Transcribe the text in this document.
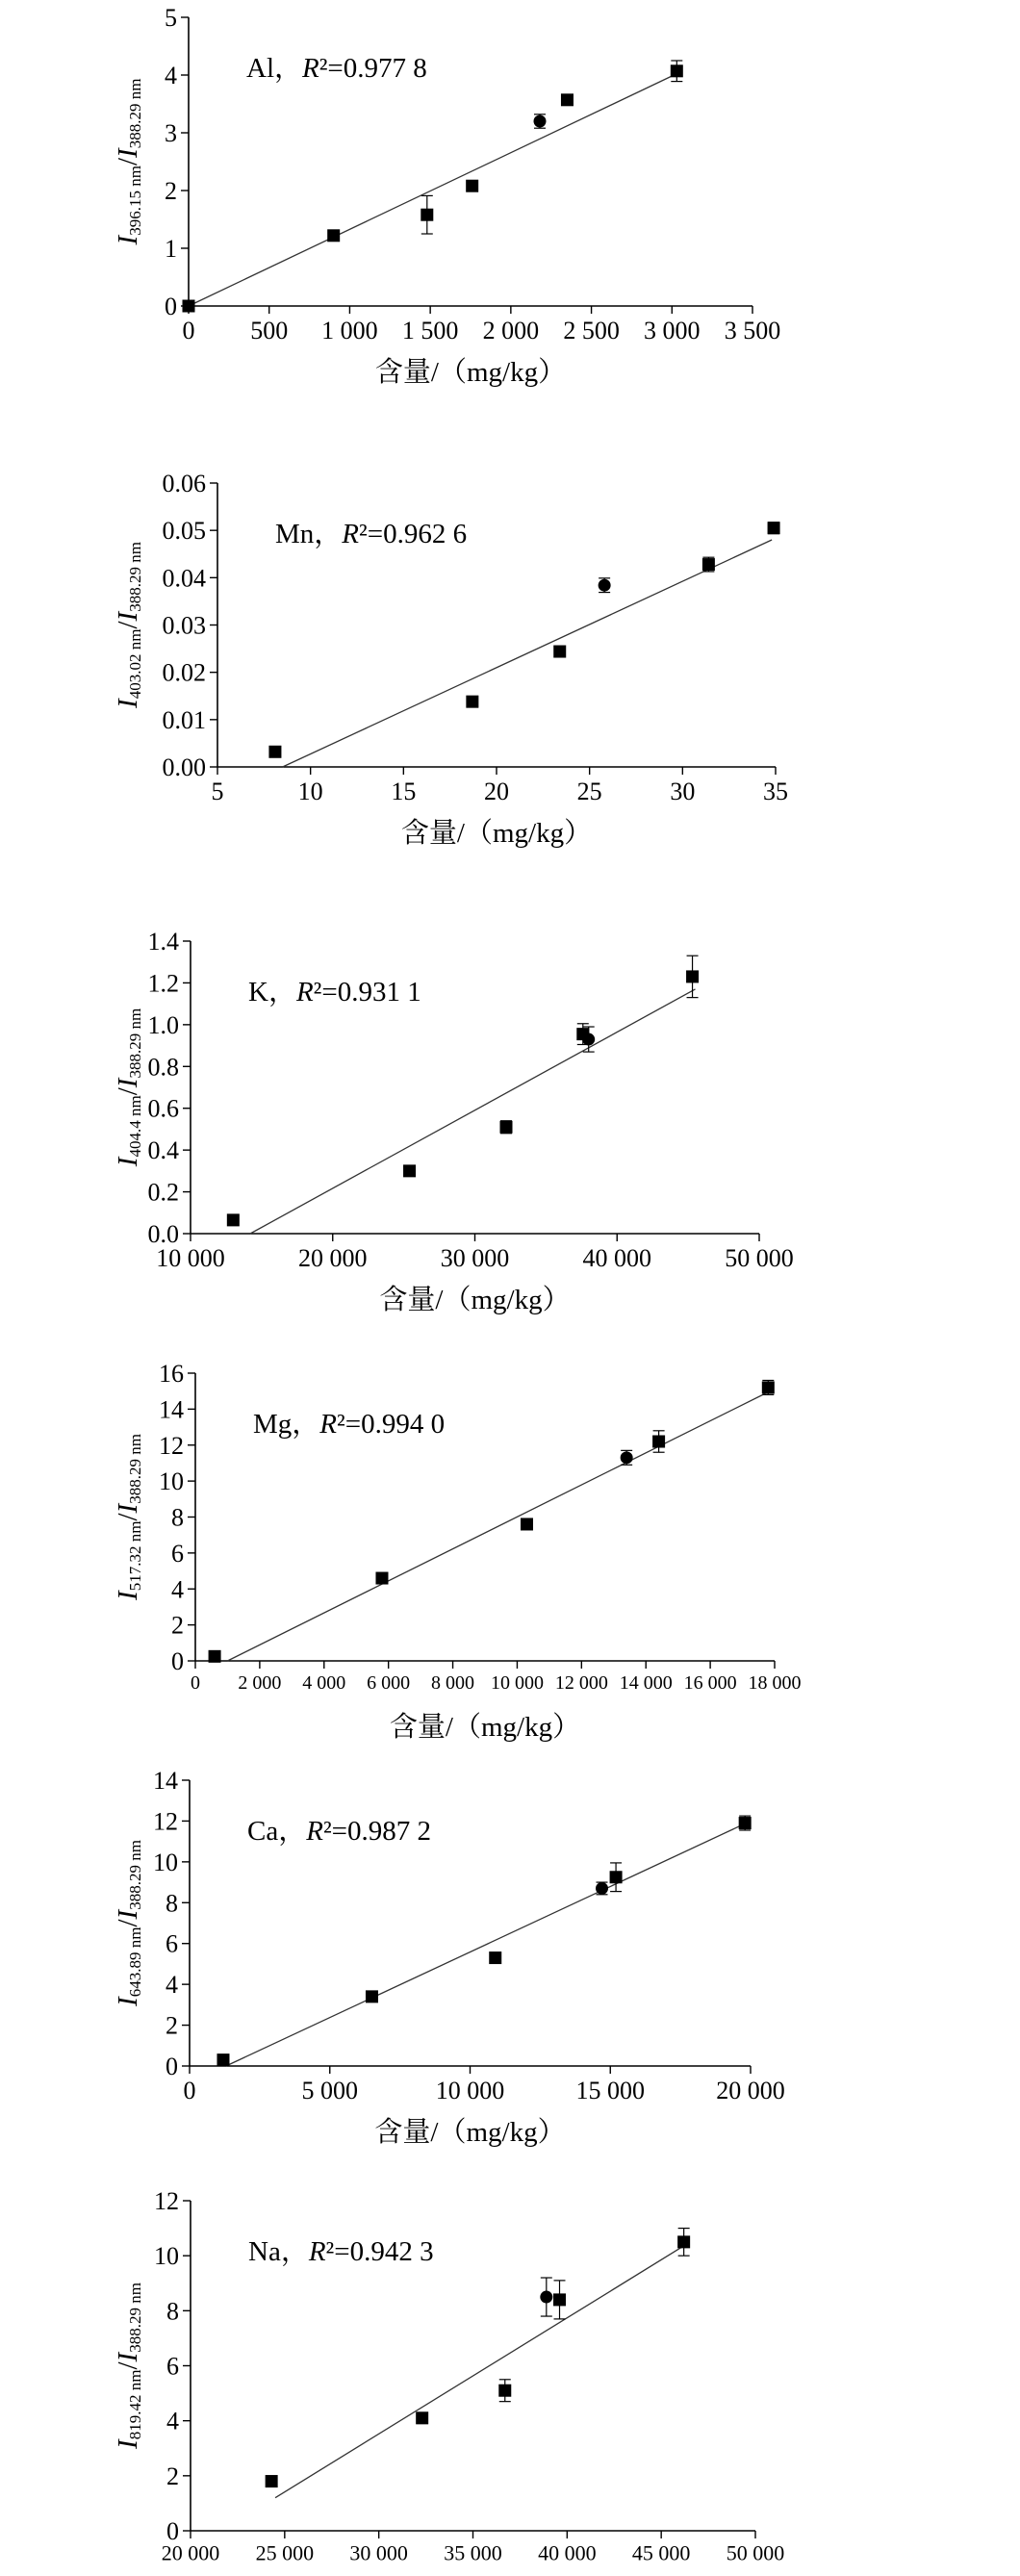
0 500 1 000 1 500 2 000 2 500 3 000 3 500
0
1
2
3
4
5
Al，R²=0.977 8
含量/（mg/kg）
I396.15 nm/I388.29 nm
5	10	15	20	25	30	35
0.00
0.01
0.02
0.03
0.04
0.05
0.06
Mn，R²=0.962 6
含量/（mg/kg）
I403.02 nm/I388.29 nm
10 000	20 000	30 000	40 000	50 000
0.0
0.2
0.4
0.6
0.8
1.0
1.2
1.4
K，R²=0.931 1
含量/（mg/kg）
I404.4 nm/I388.29 nm
0 2 000 4 000 6 000 8 000 10 000 12 000 14 000 16 000 18 000
0
2
4
6
8
10
12
14
16
Mg，R²=0.994 0
含量/（mg/kg）
I517.32 nm/I388.29 nm
0	5 000	10 000	15 000	20 000
0
2
4
6
8
10
12
14
Ca，R²=0.987 2
含量/（mg/kg）
I643.89 nm/I388.29 nm
20 000 25 000 30 000 35 000 40 000 45 000 50 000
0
2
4
6
8
10
12
Na，R²=0.942 3
I819.42 nm/I388.29 nm
